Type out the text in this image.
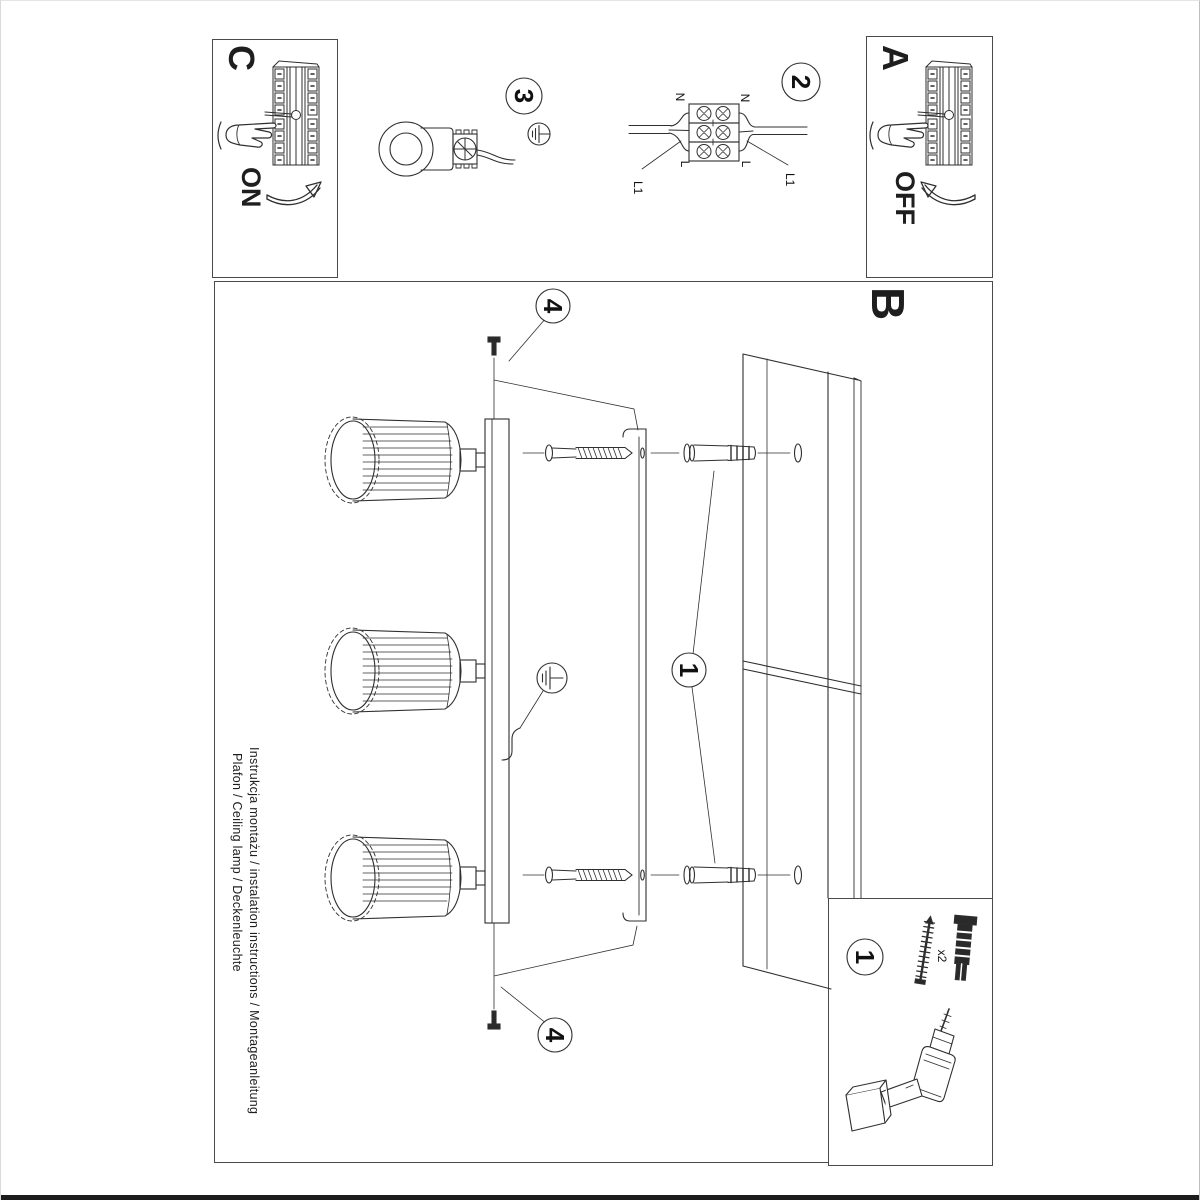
C
ON
A
OFF
B
Instrukcja montażu / instalation instructions / Montageanleitung
Plafon / Ceiling lamp / Deckenleuchte
3
2
4
4
1
1
N	N
L	L
L1
L1
x2
